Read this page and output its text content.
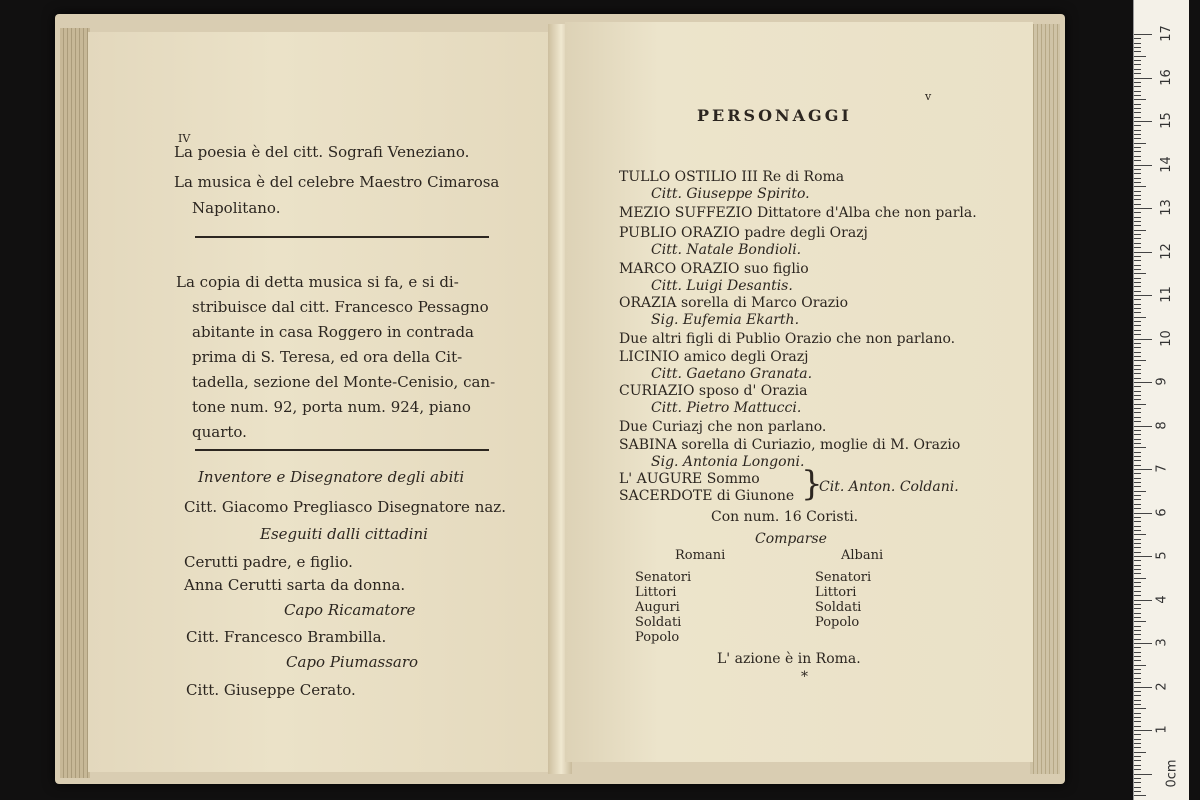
IV
La poesia è del citt. Sografi Veneziano.
La musica è del celebre Maestro Cimarosa
Napolitano.
La copia di detta musica si fa, e si di-
stribuisce dal citt. Francesco Pessagno
abitante in casa Roggero in contrada
prima di S. Teresa, ed ora della Cit-
tadella, sezione del Monte-Cenisio, can-
tone num. 92, porta num. 924, piano
quarto.
Inventore e Disegnatore degli abiti
Citt. Giacomo Pregliasco Disegnatore naz.
Eseguiti dalli cittadini
Cerutti padre, e figlio.
Anna Cerutti sarta da donna.
Capo Ricamatore
Citt. Francesco Brambilla.
Capo Piumassaro
Citt. Giuseppe Cerato.
v
PERSONAGGI
TULLO OSTILIO III Re di Roma
Citt. Giuseppe Spirito.
MEZIO SUFFEZIO Dittatore d'Alba che non parla.
PUBLIO ORAZIO padre degli Orazj
Citt. Natale Bondioli.
MARCO ORAZIO suo figlio
Citt. Luigi Desantis.
ORAZIA sorella di Marco Orazio
Sig. Eufemia Ekarth.
Due altri figli di Publio Orazio che non parlano.
LICINIO amico degli Orazj
Citt. Gaetano Granata.
CURIAZIO sposo d' Orazia
Citt. Pietro Mattucci.
Due Curiazj che non parlano.
SABINA sorella di Curiazio, moglie di M. Orazio
Sig. Antonia Longoni.
L' AUGURE Sommo
SACERDOTE di Giunone }
Cit. Anton. Coldani.
Con num. 16 Coristi.
Comparse
Romani	Albani
Senatori
Littori
Auguri
Soldati
Popolo
Senatori
Littori
Soldati
Popolo
L' azione è in Roma.
*
17
16
15
14
13
12
11
10
9
8
7
6
5
4
3
2
1
0cm
